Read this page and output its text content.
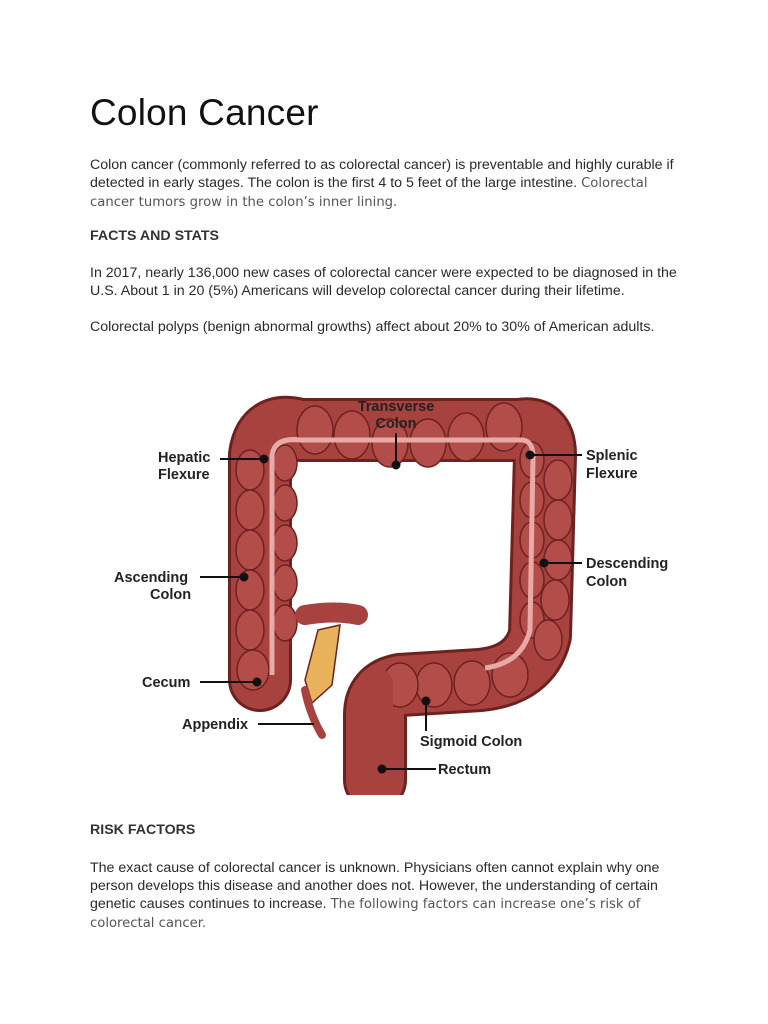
Colon Cancer

Colon cancer (commonly referred to as colorectal cancer) is preventable and highly curable if detected in early stages. The colon is the first 4 to 5 feet of the large intestine. Colorectal cancer tumors grow in the colon’s inner lining.

FACTS AND STATS

In 2017, nearly 136,000 new cases of colorectal cancer were expected to be diagnosed in the U.S. About 1 in 20 (5%) Americans will develop colorectal cancer during their lifetime.

Colorectal polyps (benign abnormal growths) affect about 20% to 30% of American adults.

Transverse
Colon
Hepatic
Flexure
Splenic
Flexure
Ascending
Colon
Descending
Colon
Cecum
Appendix
Sigmoid Colon
Rectum
RISK FACTORS

The exact cause of colorectal cancer is unknown. Physicians often cannot explain why one person develops this disease and another does not. However, the understanding of certain genetic causes continues to increase. The following factors can increase one’s risk of colorectal cancer.
